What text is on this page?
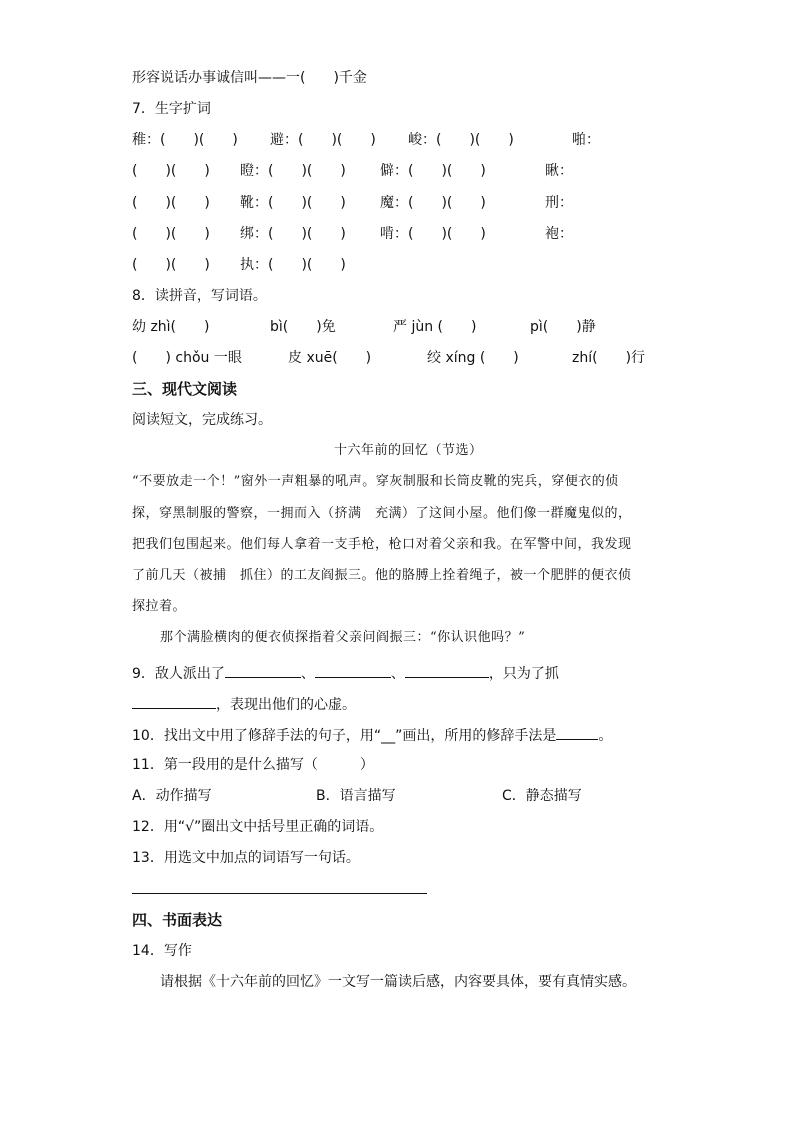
形容说话办事诚信叫——一(　　)千金
7．生字扩词
稚：(　　)(　　) 避：(　　)(　　) 峻：(　　)(　　)	啪：
(　　)(　　) 瞪：(　　)(　　) 僻：(　　)(　　)	瞅：
(　　)(　　) 靴：(　　)(　　) 魔：(　　)(　　)	刑：
(　　)(　　) 绑：(　　)(　　) 啃：(　　)(　　)	袍：
(　　)(　　) 执：(　　)(　　)
8．读拼音，写词语。
幼 zhì(　　)	bì(　　)免	严 jùn (　　)	pì(　　)静
(　　) chǒu 一眼	皮 xuē(　　)	绞 xíng (　　)	zhí(　　)行
三、现代文阅读
阅读短文，完成练习。
十六年前的回忆（节选）
“不要放走一个！”窗外一声粗暴的吼声。穿灰制服和长筒皮靴的宪兵，穿便衣的侦
探，穿黑制服的警察，一拥而入（挤满　充满）了这间小屋。他们像一群魔鬼似的，
把我们包围起来。他们每人拿着一支手枪，枪口对着父亲和我。在军警中间，我发现
了前几天（被捕　抓住）的工友阎振三。他的胳膊上拴着绳子，被一个肥胖的便衣侦
探拉着。
那个满脸横肉的便衣侦探指着父亲问阎振三：“你认识他吗？”
9．敌人派出了	、	、	，只为了抓
，表现出他们的心虚。
10．找出文中用了修辞手法的句子，用“__”画出，所用的修辞手法是	。
11．第一段用的是什么描写（　　　）
A．动作描写	B．语言描写	C．静态描写
12．用“√”圈出文中括号里正确的词语。
13．用选文中加点的词语写一句话。
四、书面表达
14．写作
请根据《十六年前的回忆》一文写一篇读后感，内容要具体，要有真情实感。
